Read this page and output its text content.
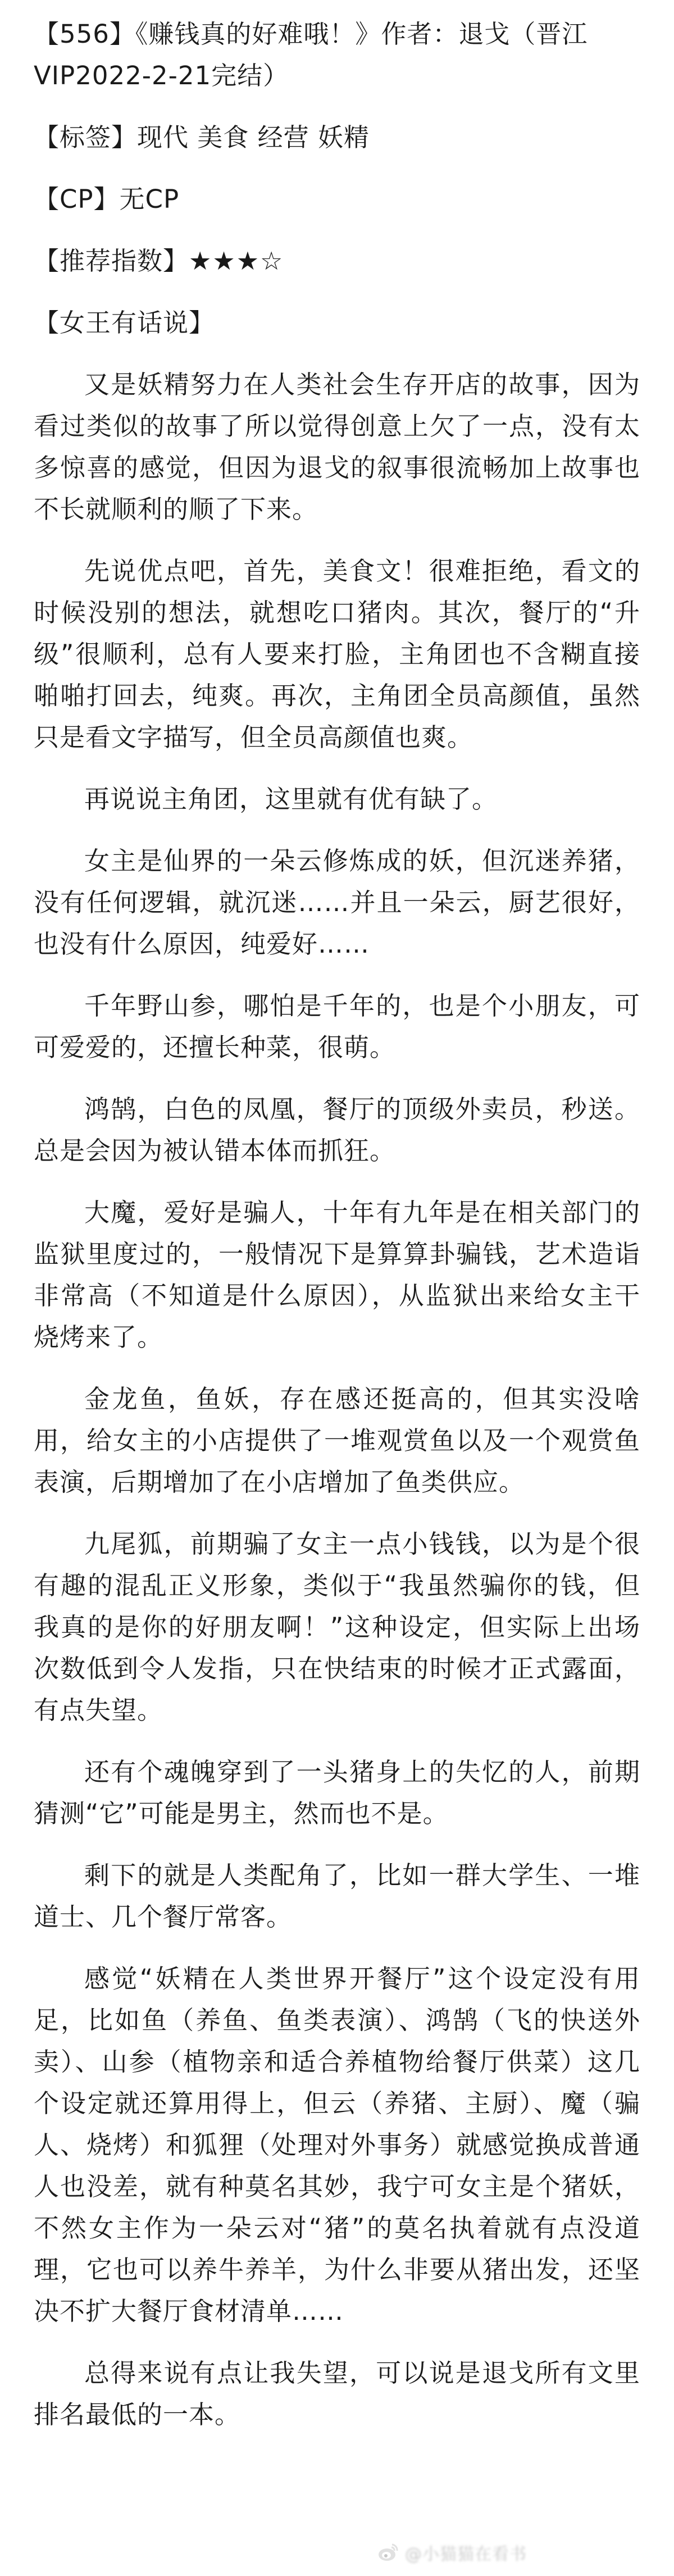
【556】《赚钱真的好难哦！》作者：退戈（晋江VIP2022-2-21完结）
【标签】现代 美食 经营 妖精
【CP】无CP
【推荐指数】★★★☆
【女王有话说】

又是妖精努力在人类社会生存开店的故事，因为看过类似的故事了所以觉得创意上欠了一点，没有太多惊喜的感觉，但因为退戈的叙事很流畅加上故事也不长就顺利的顺了下来。

先说优点吧，首先，美食文！很难拒绝，看文的时候没别的想法，就想吃口猪肉。其次，餐厅的“升级”很顺利，总有人要来打脸，主角团也不含糊直接啪啪打回去，纯爽。再次，主角团全员高颜值，虽然只是看文字描写，但全员高颜值也爽。

再说说主角团，这里就有优有缺了。

女主是仙界的一朵云修炼成的妖，但沉迷养猪，没有任何逻辑，就沉迷……并且一朵云，厨艺很好，也没有什么原因，纯爱好……

千年野山参，哪怕是千年的，也是个小朋友，可可爱爱的，还擅长种菜，很萌。

鸿鹄，白色的凤凰，餐厅的顶级外卖员，秒送。总是会因为被认错本体而抓狂。

大魔，爱好是骗人，十年有九年是在相关部门的监狱里度过的，一般情况下是算算卦骗钱，艺术造诣非常高（不知道是什么原因），从监狱出来给女主干烧烤来了。

金龙鱼，鱼妖，存在感还挺高的，但其实没啥用，给女主的小店提供了一堆观赏鱼以及一个观赏鱼表演，后期增加了在小店增加了鱼类供应。

九尾狐，前期骗了女主一点小钱钱，以为是个很有趣的混乱正义形象，类似于“我虽然骗你的钱，但我真的是你的好朋友啊！”这种设定，但实际上出场次数低到令人发指，只在快结束的时候才正式露面，有点失望。

还有个魂魄穿到了一头猪身上的失忆的人，前期猜测“它”可能是男主，然而也不是。

剩下的就是人类配角了，比如一群大学生、一堆道士、几个餐厅常客。

感觉“妖精在人类世界开餐厅”这个设定没有用足，比如鱼（养鱼、鱼类表演）、鸿鹄（飞的快送外卖）、山参（植物亲和适合养植物给餐厅供菜）这几个设定就还算用得上，但云（养猪、主厨）、魔（骗人、烧烤）和狐狸（处理对外事务）就感觉换成普通人也没差，就有种莫名其妙，我宁可女主是个猪妖，不然女主作为一朵云对“猪”的莫名执着就有点没道理，它也可以养牛养羊，为什么非要从猪出发，还坚决不扩大餐厅食材清单……

总得来说有点让我失望，可以说是退戈所有文里排名最低的一本。

@小猫猫在看书
